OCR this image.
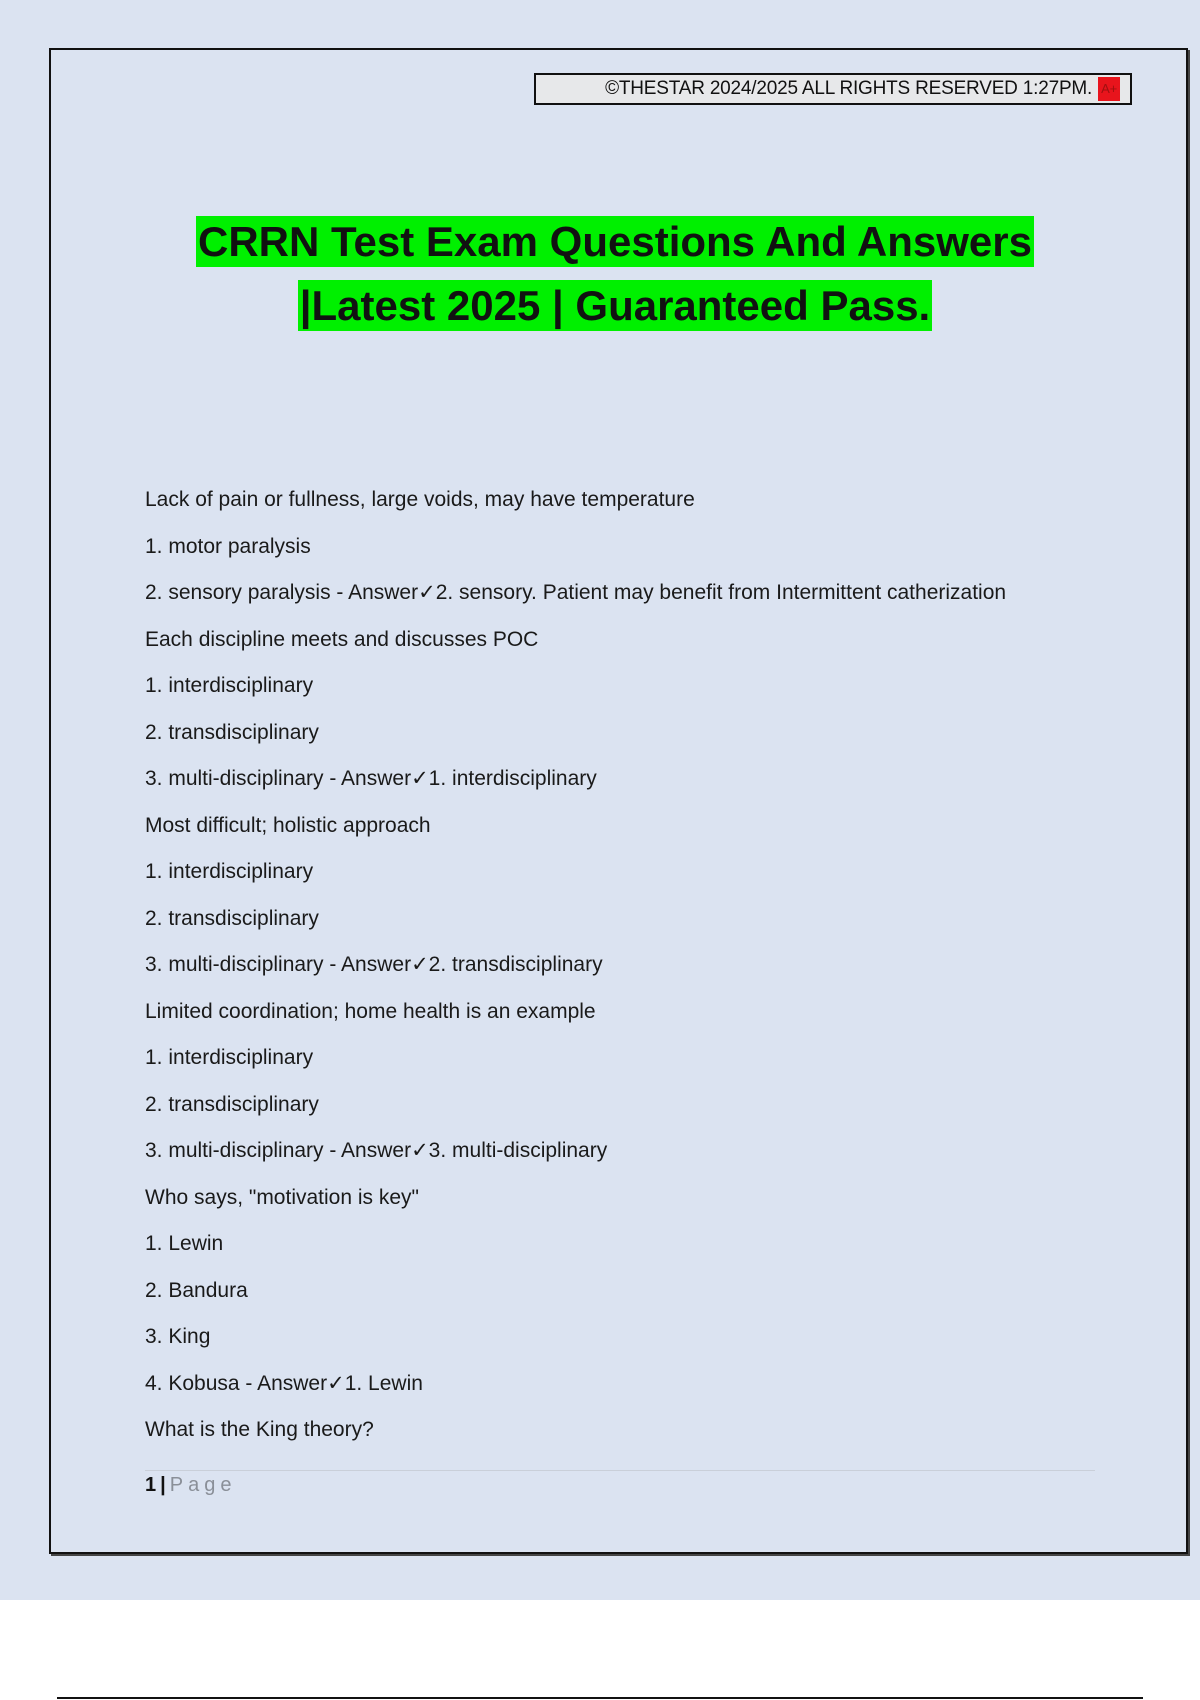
©THESTAR 2024/2025 ALL RIGHTS RESERVED 1:27PM. A+
CRRN Test Exam Questions And Answers
|Latest 2025 | Guaranteed Pass.
Lack of pain or fullness, large voids, may have temperature
1. motor paralysis
2. sensory paralysis - Answer✓2. sensory. Patient may benefit from Intermittent catherization
Each discipline meets and discusses POC
1. interdisciplinary
2. transdisciplinary
3. multi-disciplinary - Answer✓1. interdisciplinary
Most difficult; holistic approach
1. interdisciplinary
2. transdisciplinary
3. multi-disciplinary - Answer✓2. transdisciplinary
Limited coordination; home health is an example
1. interdisciplinary
2. transdisciplinary
3. multi-disciplinary - Answer✓3. multi-disciplinary
Who says, "motivation is key"
1. Lewin
2. Bandura
3. King
4. Kobusa - Answer✓1. Lewin
What is the King theory?
1 | Page
